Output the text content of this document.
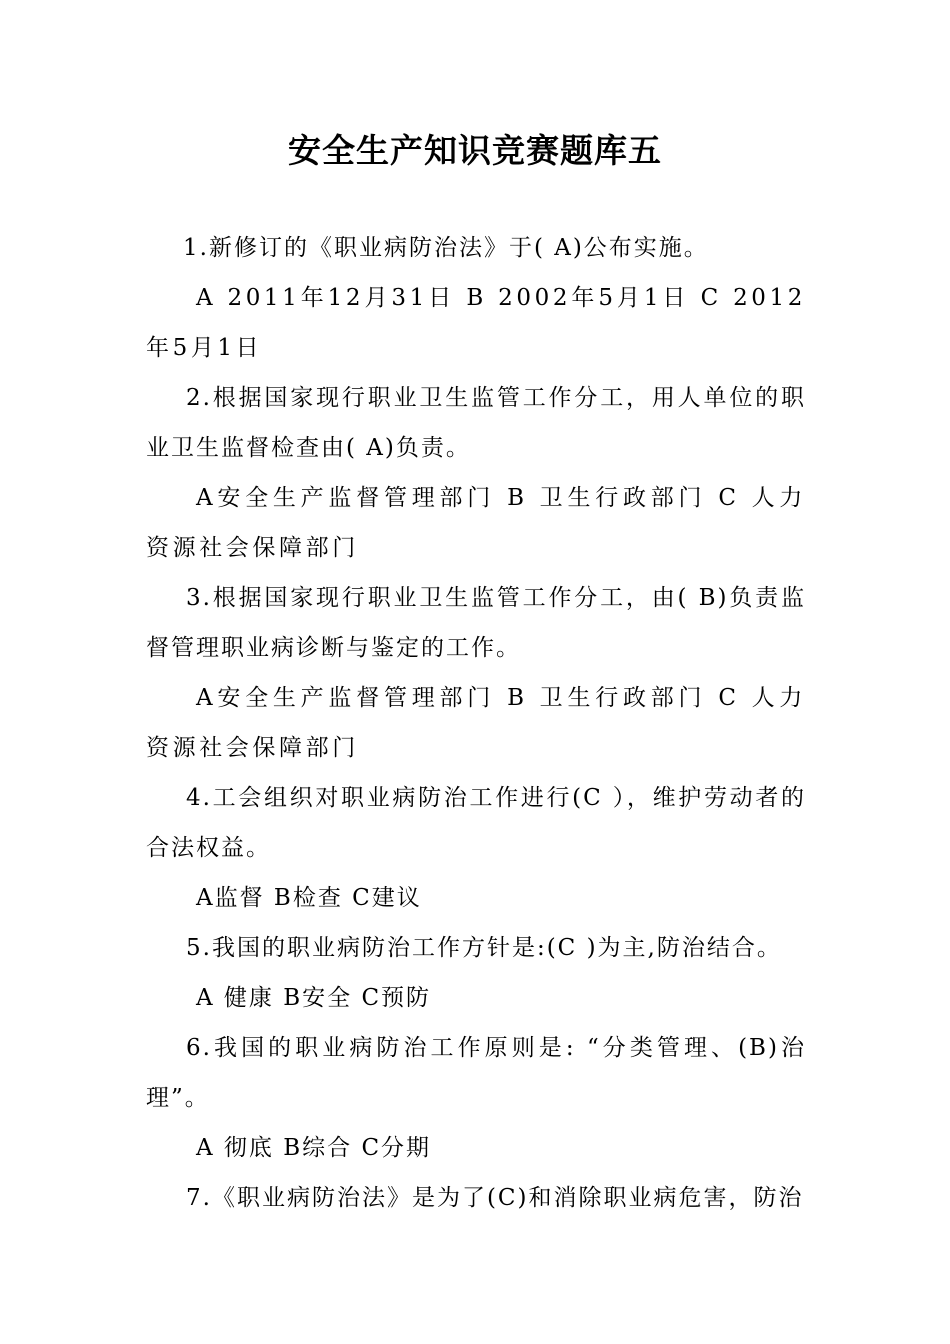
安全生产知识竞赛题库五

1.新修订的《职业病防治法》于( A)公布实施。

A 2011年12月31日 B 2002年5月1日 C 2012年5月1日

2.根据国家现行职业卫生监管工作分工，用人单位的职业卫生监督检查由( A)负责。

A安全生产监督管理部门 B 卫生行政部门 C 人力资源社会保障部门

3.根据国家现行职业卫生监管工作分工，由( B)负责监督管理职业病诊断与鉴定的工作。

A安全生产监督管理部门 B 卫生行政部门 C 人力资源社会保障部门

4.工会组织对职业病防治工作进行(C ），维护劳动者的合法权益。

A监督 B检查 C建议

5.我国的职业病防治工作方针是:(C )为主,防治结合。

A 健康 B安全 C预防

6.我国的职业病防治工作原则是: “分类管理、(B)治理”。

A 彻底 B综合 C分期

7.《职业病防治法》是为了(C)和消除职业病危害，防治
